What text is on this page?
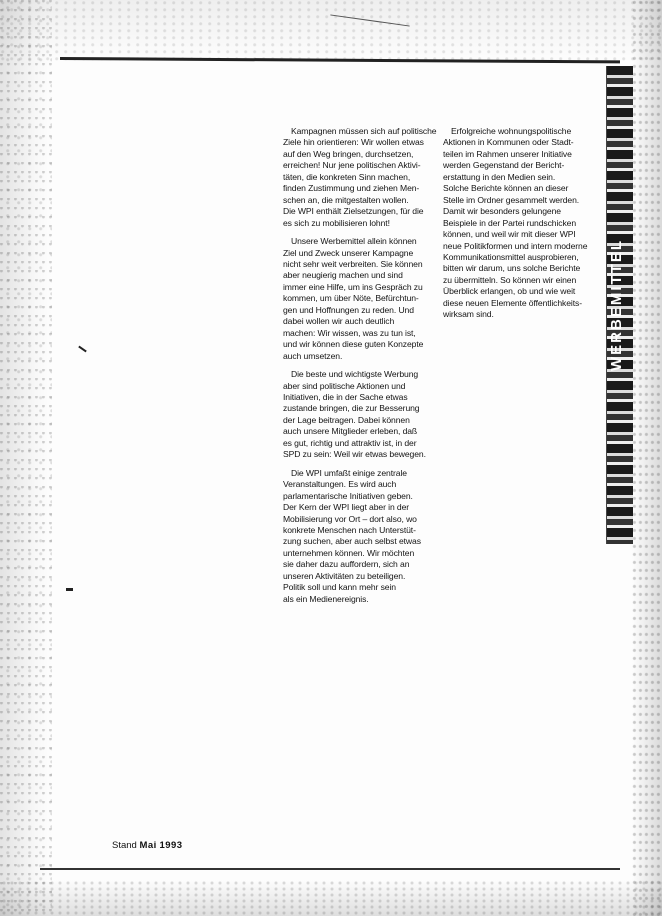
WERBEMITTEL
Kampagnen müssen sich auf politische
Ziele hin orientieren: Wir wollen etwas
auf den Weg bringen, durchsetzen,
erreichen! Nur jene politischen Aktivi-
täten, die konkreten Sinn machen,
finden Zustimmung und ziehen Men-
schen an, die mitgestalten wollen.
Die WPI enthält Zielsetzungen, für die
es sich zu mobilisieren lohnt!
Unsere Werbemittel allein können
Ziel und Zweck unserer Kampagne
nicht sehr weit verbreiten. Sie können
aber neugierig machen und sind
immer eine Hilfe, um ins Gespräch zu
kommen, um über Nöte, Befürchtun-
gen und Hoffnungen zu reden. Und
dabei wollen wir auch deutlich
machen: Wir wissen, was zu tun ist,
und wir können diese guten Konzepte
auch umsetzen.
Die beste und wichtigste Werbung
aber sind politische Aktionen und
Initiativen, die in der Sache etwas
zustande bringen, die zur Besserung
der Lage beitragen. Dabei können
auch unsere Mitglieder erleben, daß
es gut, richtig und attraktiv ist, in der
SPD zu sein: Weil wir etwas bewegen.
Die WPI umfaßt einige zentrale
Veranstaltungen. Es wird auch
parlamentarische Initiativen geben.
Der Kern der WPI liegt aber in der
Mobilisierung vor Ort – dort also, wo
konkrete Menschen nach Unterstüt-
zung suchen, aber auch selbst etwas
unternehmen können. Wir möchten
sie daher dazu auffordern, sich an
unseren Aktivitäten zu beteiligen.
Politik soll und kann mehr sein
als ein Medienereignis.
Erfolgreiche wohnungspolitische
Aktionen in Kommunen oder Stadt-
teilen im Rahmen unserer Initiative
werden Gegenstand der Bericht-
erstattung in den Medien sein.
Solche Berichte können an dieser
Stelle im Ordner gesammelt werden.
Damit wir besonders gelungene
Beispiele in der Partei rundschicken
können, und weil wir mit dieser WPI
neue Politikformen und intern moderne
Kommunikationsmittel ausprobieren,
bitten wir darum, uns solche Berichte
zu übermitteln. So können wir einen
Überblick erlangen, ob und wie weit
diese neuen Elemente öffentlichkeits-
wirksam sind.
Stand Mai 1993
